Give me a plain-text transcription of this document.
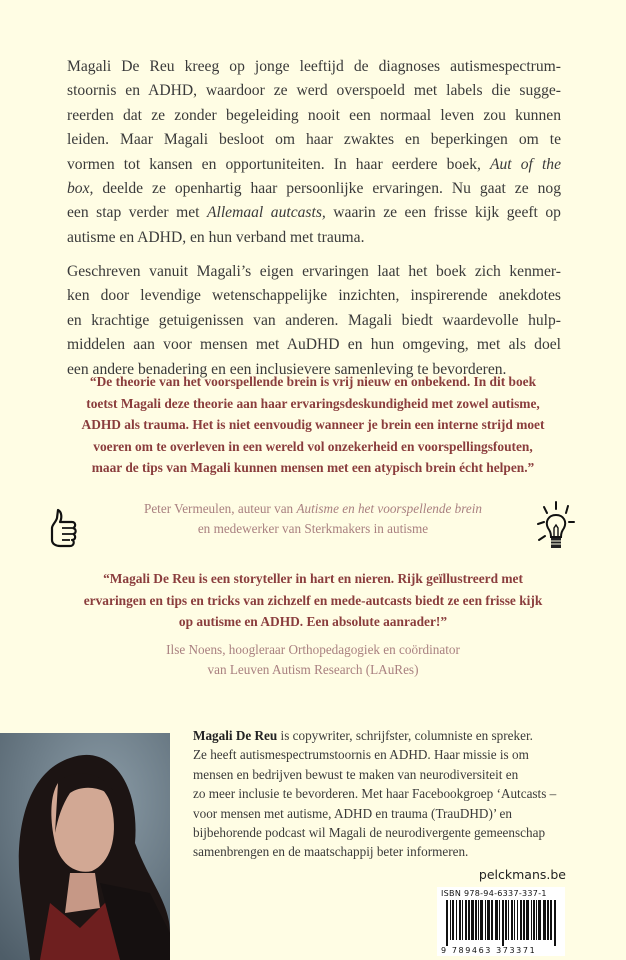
Magali De Reu kreeg op jonge leeftijd de diagnoses autismespectrum-
stoornis en ADHD, waardoor ze werd overspoeld met labels die sugge-
reerden dat ze zonder begeleiding nooit een normaal leven zou kunnen
leiden. Maar Magali besloot om haar zwaktes en beperkingen om te
vormen tot kansen en opportuniteiten. In haar eerdere boek, Aut of the
box, deelde ze openhartig haar persoonlijke ervaringen. Nu gaat ze nog
een stap verder met Allemaal autcasts, waarin ze een frisse kijk geeft op
autisme en ADHD, en hun verband met trauma.
Geschreven vanuit Magali’s eigen ervaringen laat het boek zich kenmer-
ken door levendige wetenschappelijke inzichten, inspirerende anekdotes
en krachtige getuigenissen van anderen. Magali biedt waardevolle hulp-
middelen aan voor mensen met AuDHD en hun omgeving, met als doel
een andere benadering en een inclusievere samenleving te bevorderen.
“De theorie van het voorspellende brein is vrij nieuw en onbekend. In dit boek
toetst Magali deze theorie aan haar ervaringsdeskundigheid met zowel autisme,
ADHD als trauma. Het is niet eenvoudig wanneer je brein een interne strijd moet
voeren om te overleven in een wereld vol onzekerheid en voorspellingsfouten,
maar de tips van Magali kunnen mensen met een atypisch brein écht helpen.”
Peter Vermeulen, auteur van Autisme en het voorspellende brein
en medewerker van Sterkmakers in autisme
“Magali De Reu is een storyteller in hart en nieren. Rijk geïllustreerd met
ervaringen en tips en tricks van zichzelf en mede-autcasts biedt ze een frisse kijk
op autisme en ADHD. Een absolute aanrader!”
Ilse Noens, hoogleraar Orthopedagogiek en coördinator
van Leuven Autism Research (LAuRes)
Magali De Reu is copywriter, schrijfster, columniste en spreker.
Ze heeft autismespectrumstoornis en ADHD. Haar missie is om
mensen en bedrijven bewust te maken van neurodiversiteit en
zo meer inclusie te bevorderen. Met haar Facebookgroep ‘Autcasts –
voor mensen met autisme, ADHD en trauma (TrauDHD)’ en
bijbehorende podcast wil Magali de neurodivergente gemeenschap
samenbrengen en de maatschappij beter informeren.
pelckmans.be
ISBN 978-94-6337-337-1
9 789463 373371
